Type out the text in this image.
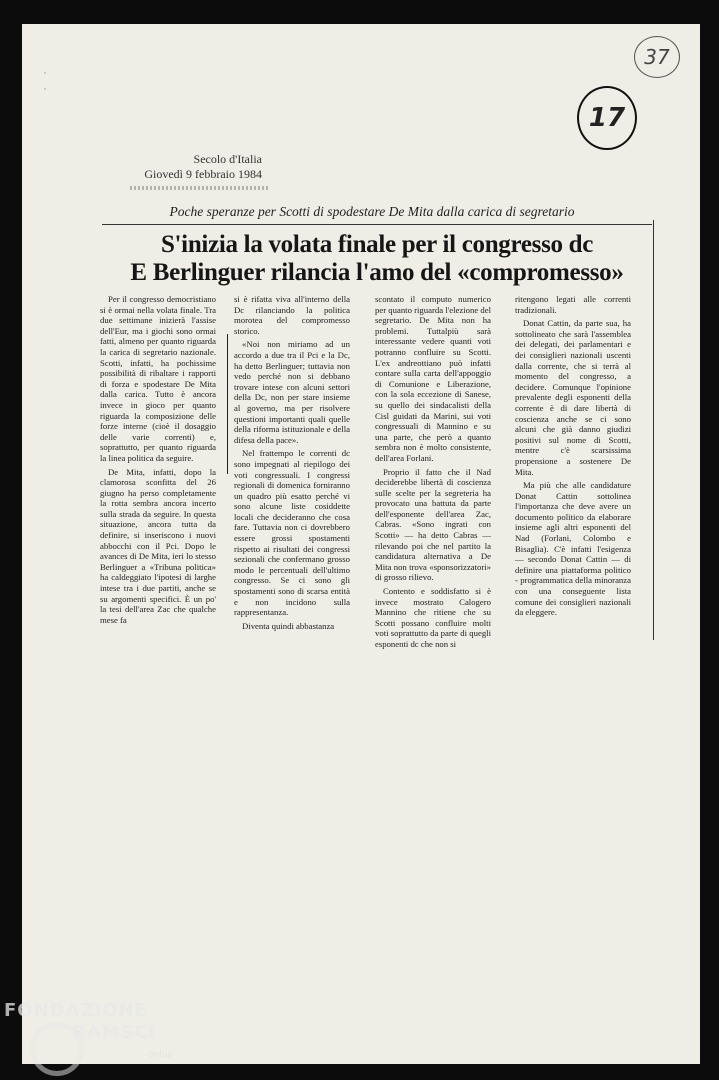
37
17
Secolo d'Italia
Giovedì 9 febbraio 1984
Poche speranze per Scotti di spodestare De Mita dalla carica di segretario
S'inizia la volata finale per il congresso dc
E Berlinguer rilancia l'amo del «compromesso»

Per il congresso democristiano si è ormai nella volata finale. Tra due settimane inizierà l'assise dell'Eur, ma i giochi sono ormai fatti, almeno per quanto riguarda la carica di segretario nazionale. Scotti, infatti, ha pochissime possibilità di ribaltare i rapporti di forza e spodestare De Mita dalla carica. Tutto è ancora invece in gioco per quanto riguarda la composizione delle forze interne (cioè il dosaggio delle varie correnti) e, soprattutto, per quanto riguarda la linea politica da seguire.

De Mita, infatti, dopo la clamorosa sconfitta del 26 giugno ha perso completamente la rotta sembra ancora incerto sulla strada da seguire. In questa situazione, ancora tutta da definire, si inseriscono i nuovi abbocchi con il Pci. Dopo le avances di De Mita, ieri lo stesso Berlinguer a «Tribuna politica» ha caldeggiato l'ipotesi di larghe intese tra i due partiti, anche se su argomenti specifici. È un po' la tesi dell'area Zac che qualche mese fa

si è rifatta viva all'interno della Dc rilanciando la politica morotea del compromesso storico.

«Noi non miriamo ad un accordo a due tra il Pci e la Dc, ha detto Berlinguer; tuttavia non vedo perché non si debbano trovare intese con alcuni settori della Dc, non per stare insieme al governo, ma per risolvere questioni importanti quali quelle della riforma istituzionale e della difesa della pace».

Nel frattempo le correnti dc sono impegnati al riepilogo dei voti congressuali. I congressi regionali di domenica forniranno un quadro più esatto perché vi sono alcune liste cosiddette locali che decideranno che cosa fare. Tuttavia non ci dovrebbero essere grossi spostamenti rispetto ai risultati dei congressi sezionali che confermano grosso modo le percentuali dell'ultimo congresso. Se ci sono gli spostamenti sono di scarsa entità e non incidono sulla rappresentanza.

Diventa quindi abbastanza

scontato il computo numerico per quanto riguarda l'elezione del segretario. De Mita non ha problemi. Tuttalpiù sarà interessante vedere quanti voti potranno confluire su Scotti. L'ex andreottiano può infatti contare sulla carta dell'appoggio di Comunione e Liberazione, con la sola eccezione di Sanese, su quello dei sindacalisti della Cisl guidati da Marini, sui voti congressuali di Mannino e su una parte, che però a quanto sembra non è molto consistente, dell'area Forlani.

Proprio il fatto che il Nad deciderebbe libertà di coscienza sulle scelte per la segreteria ha provocato una battuta da parte dell'esponente dell'area Zac, Cabras. «Sono ingrati con Scotti» — ha detto Cabras — rilevando poi che nel partito la candidatura alternativa a De Mita non trova «sponsorizzatori» di grosso rilievo.

Contento e soddisfatto si è invece mostrato Calogero Mannino che ritiene che su Scotti possano confluire molti voti soprattutto da parte di quegli esponenti dc che non si

ritengono legati alle correnti tradizionali.

Donat Cattin, da parte sua, ha sottolineato che sarà l'assemblea dei delegati, dei parlamentari e dei consiglieri nazionali uscenti dalla corrente, che si terrà al momento del congresso, a decidere. Comunque l'opinione prevalente degli esponenti della corrente è di dare libertà di coscienza anche se ci sono alcuni che già danno giudizi positivi sul nome di Scotti, mentre c'è scarsissima propensione a sostenere De Mita.

Ma più che alle candidature Donat Cattin sottolinea l'importanza che deve avere un documento politico da elaborare insieme agli altri esponenti del Nad (Forlani, Colombo e Bisaglia). C'è infatti l'esigenza — secondo Donat Cattin — di definire una piattaforma politico - programmatica della minoranza con una conseguente lista comune dei consiglieri nazionali da eleggere.

FONDAZIONE
RAMSCI
onlus
